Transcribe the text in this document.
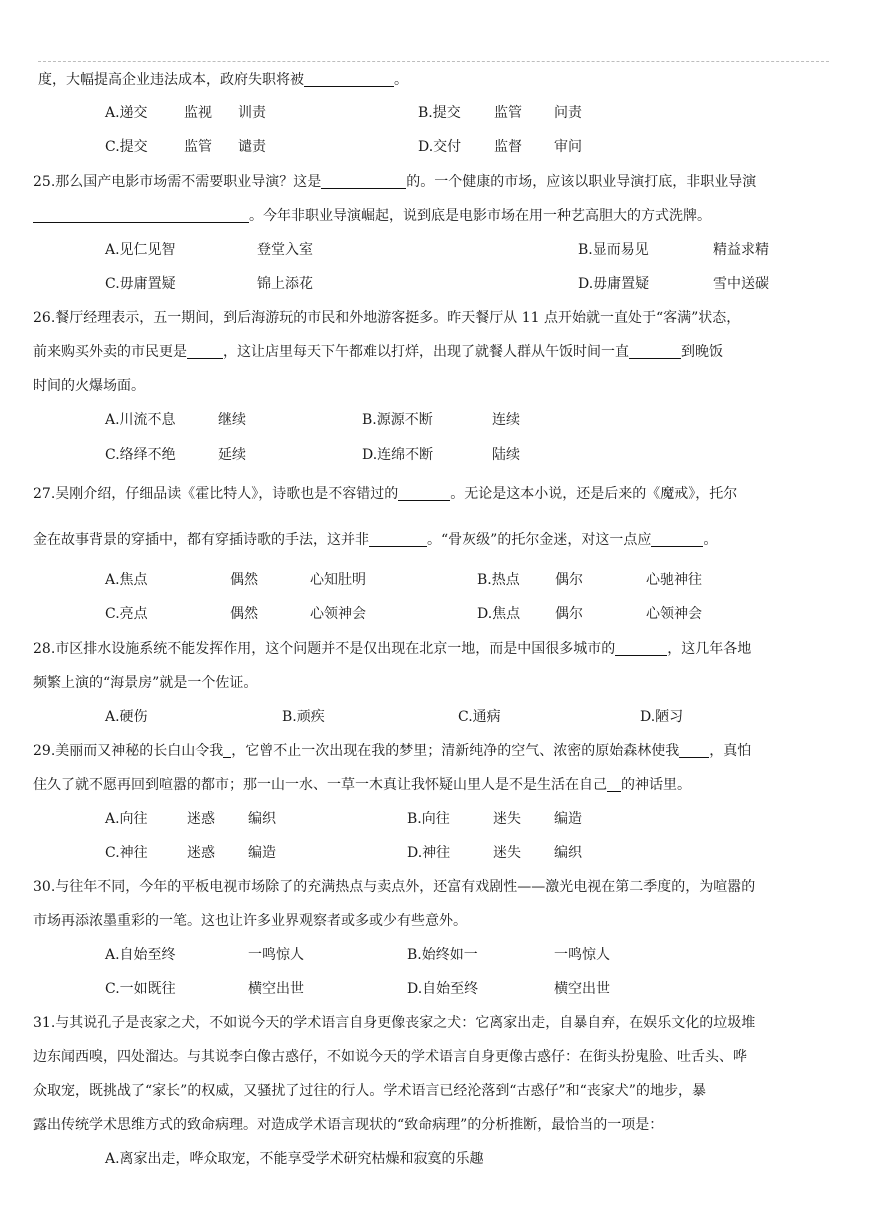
度，大幅提高企业违法成本，政府失职将被	。
A.递交	监视 训责	B.提交 监管 问责
C.提交	监管 谴责	D.交付 监督 审问
25.那么国产电影市场需不需要职业导演？这是	的。一个健康的市场，应该以职业导演打底，非职业导演
。今年非职业导演崛起，说到底是电影市场在用一种艺高胆大的方式洗牌。
A.见仁见智	登堂入室	B.显而易见	精益求精
C.毋庸置疑	锦上添花	D.毋庸置疑	雪中送碳
26.餐厅经理表示，五一期间，到后海游玩的市民和外地游客挺多。昨天餐厅从 11 点开始就一直处于“客满”状态，
前来购买外卖的市民更是	，这让店里每天下午都难以打烊，出现了就餐人群从午饭时间一直	到晚饭
时间的火爆场面。
A.川流不息	继续	B.源源不断	连续
C.络绎不绝	延续	D.连绵不断	陆续
27.吴刚介绍，仔细品读《霍比特人》，诗歌也是不容错过的	。无论是这本小说，还是后来的《魔戒》，托尔
金在故事背景的穿插中，都有穿插诗歌的手法，这并非	。“骨灰级”的托尔金迷，对这一点应	。
A.焦点	偶然	心知肚明	B.热点	偶尔	心驰神往
C.亮点	偶然	心领神会	D.焦点 偶尔	心领神会
28.市区排水设施系统不能发挥作用，这个问题并不是仅出现在北京一地，而是中国很多城市的	，这几年各地
频繁上演的“海景房”就是一个佐证。
A.硬伤	B.顽疾	C.通病	D.陋习
29.美丽而又神秘的长白山令我 ，它曾不止一次出现在我的梦里；清新纯净的空气、浓密的原始森林使我 ，真怕
住久了就不愿再回到喧嚣的都市；那一山一水、一草一木真让我怀疑山里人是不是生活在自己 的神话里。
A.向往	迷惑 编织	B.向往	迷失 编造
C.神往	迷惑 编造	D.神往	迷失 编织
30.与往年不同，今年的平板电视市场除了的充满热点与卖点外，还富有戏剧性——激光电视在第二季度的，为喧嚣的
市场再添浓墨重彩的一笔。这也让许多业界观察者或多或少有些意外。
A.自始至终	一鸣惊人	B.始终如一	一鸣惊人
C.一如既往	横空出世	D.自始至终	横空出世
31.与其说孔子是丧家之犬，不如说今天的学术语言自身更像丧家之犬：它离家出走，自暴自弃，在娱乐文化的垃圾堆
边东闻西嗅，四处溜达。与其说李白像古惑仔，不如说今天的学术语言自身更像古惑仔：在街头扮鬼脸、吐舌头、哗
众取宠，既挑战了“家长”的权威，又骚扰了过往的行人。学术语言已经沦落到“古惑仔”和“丧家犬”的地步，暴
露出传统学术思维方式的致命病理。对造成学术语言现状的“致命病理”的分析推断，最恰当的一项是：
A.离家出走，哗众取宠，不能享受学术研究枯燥和寂寞的乐趣
